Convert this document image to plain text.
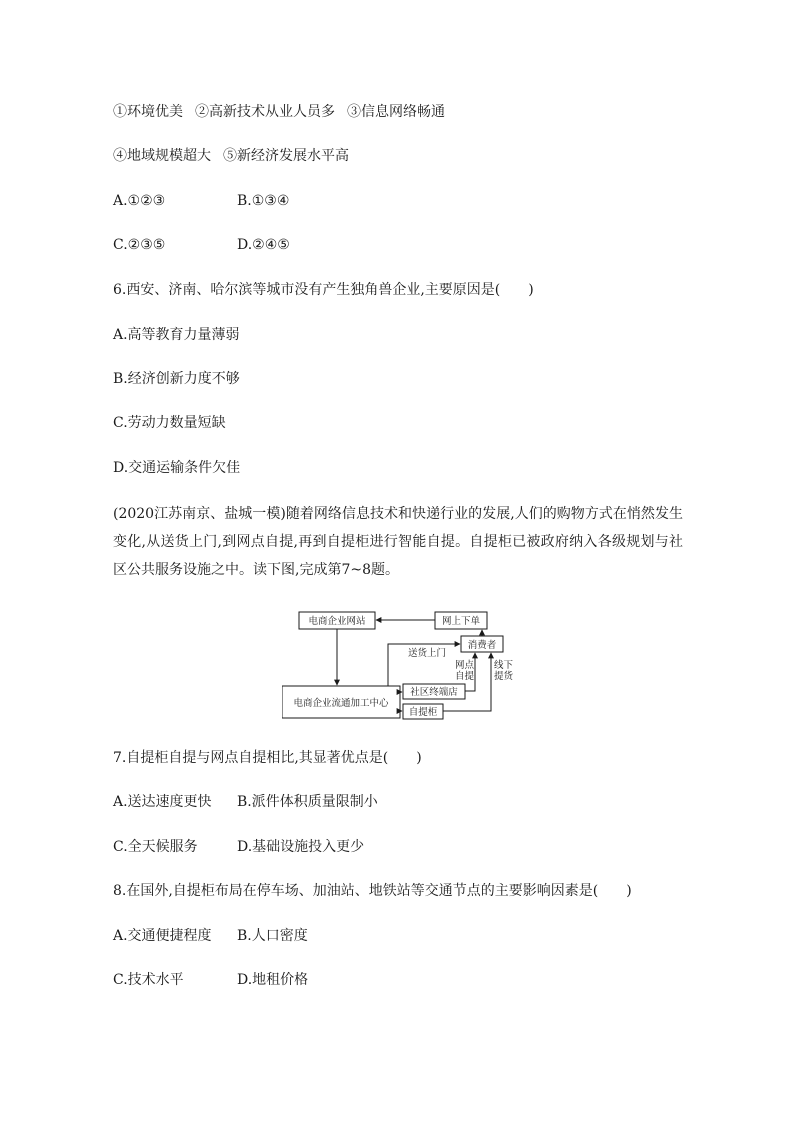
①环境优美 ②高新技术从业人员多 ③信息网络畅通
④地域规模超大 ⑤新经济发展水平高
A.①②③	B.①③④
C.②③⑤	D.②④⑤
6.西安、济南、哈尔滨等城市没有产生独角兽企业,主要原因是(　　)
A.高等教育力量薄弱
B.经济创新力度不够
C.劳动力数量短缺
D.交通运输条件欠佳
(2020江苏南京、盐城一模)随着网络信息技术和快递行业的发展,人们的购物方式在悄然发生变化,从送货上门,到网点自提,再到自提柜进行智能自提。自提柜已被政府纳入各级规划与社区公共服务设施之中。读下图,完成第7~8题。
电商企业网站	网上下单
消费者
送货上门
网点
自提
线下
提货
电商企业流通加工中心
社区终端店
自提柜
7.自提柜自提与网点自提相比,其显著优点是(　　)
A.送达速度更快 B.派件体积质量限制小
C.全天候服务	D.基础设施投入更少
8.在国外,自提柜布局在停车场、加油站、地铁站等交通节点的主要影响因素是(　　)
A.交通便捷程度 B.人口密度
C.技术水平	D.地租价格
